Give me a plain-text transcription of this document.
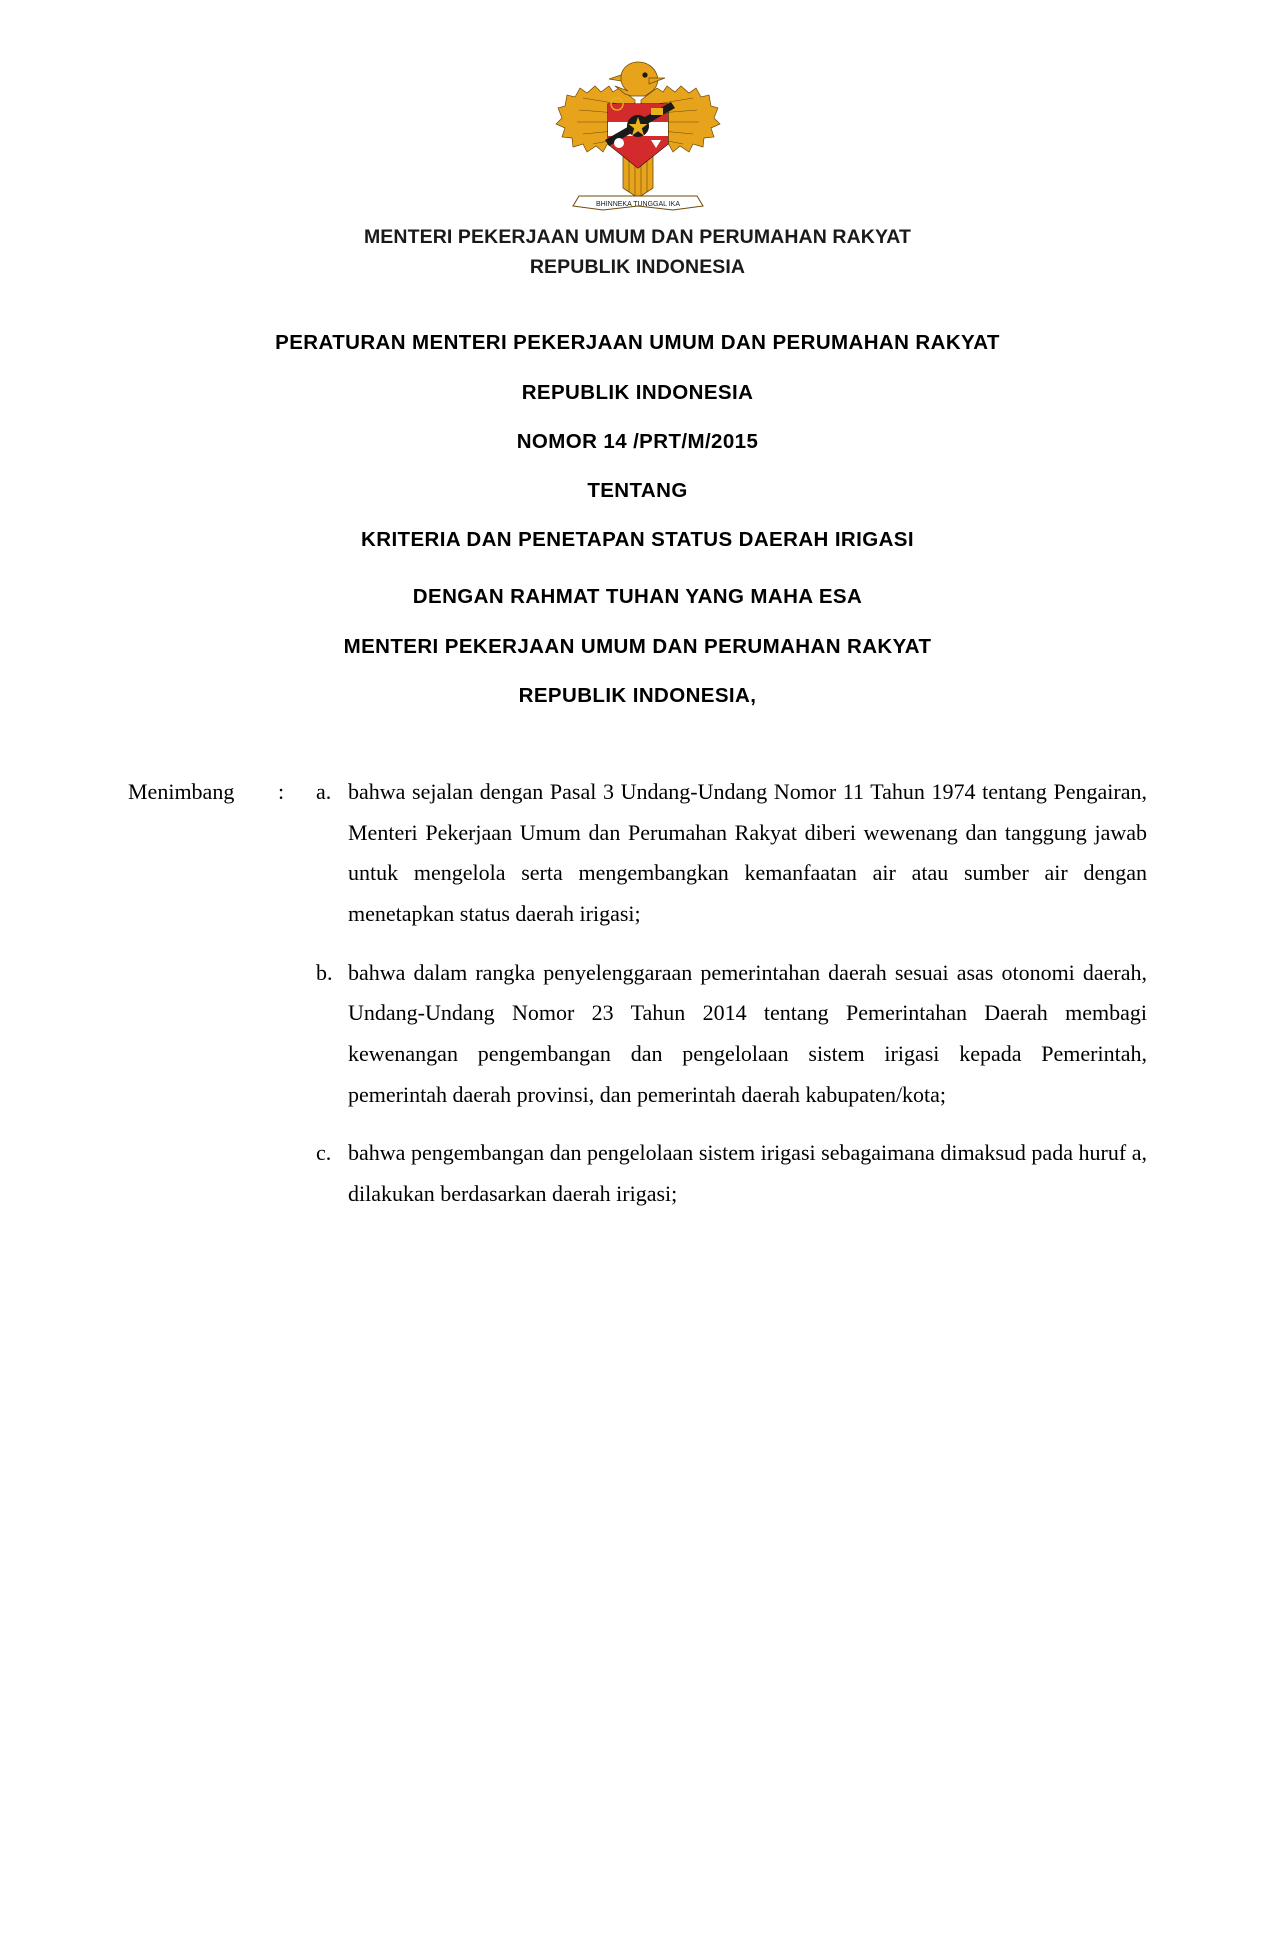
BHINNEKA TUNGGAL IKA
MENTERI PEKERJAAN UMUM DAN PERUMAHAN RAKYAT
REPUBLIK INDONESIA
PERATURAN MENTERI PEKERJAAN UMUM DAN PERUMAHAN RAKYAT
REPUBLIK INDONESIA
NOMOR 14 /PRT/M/2015
TENTANG
KRITERIA DAN PENETAPAN STATUS DAERAH IRIGASI
DENGAN RAHMAT TUHAN YANG MAHA ESA
MENTERI PEKERJAAN UMUM DAN PERUMAHAN RAKYAT
REPUBLIK INDONESIA,
Menimbang	:	a. bahwa sejalan dengan Pasal 3 Undang-Undang Nomor 11 Tahun 1974 tentang Pengairan, Menteri Pekerjaan Umum dan Perumahan Rakyat diberi wewenang dan tanggung jawab untuk mengelola serta mengembangkan kemanfaatan air atau sumber air dengan menetapkan status daerah irigasi;
b. bahwa dalam rangka penyelenggaraan pemerintahan daerah sesuai asas otonomi daerah, Undang-Undang Nomor 23 Tahun 2014 tentang Pemerintahan Daerah membagi kewenangan pengembangan dan pengelolaan sistem irigasi kepada Pemerintah, pemerintah daerah provinsi, dan pemerintah daerah kabupaten/kota;
c. bahwa pengembangan dan pengelolaan sistem irigasi sebagaimana dimaksud pada huruf a, dilakukan berdasarkan daerah irigasi;
